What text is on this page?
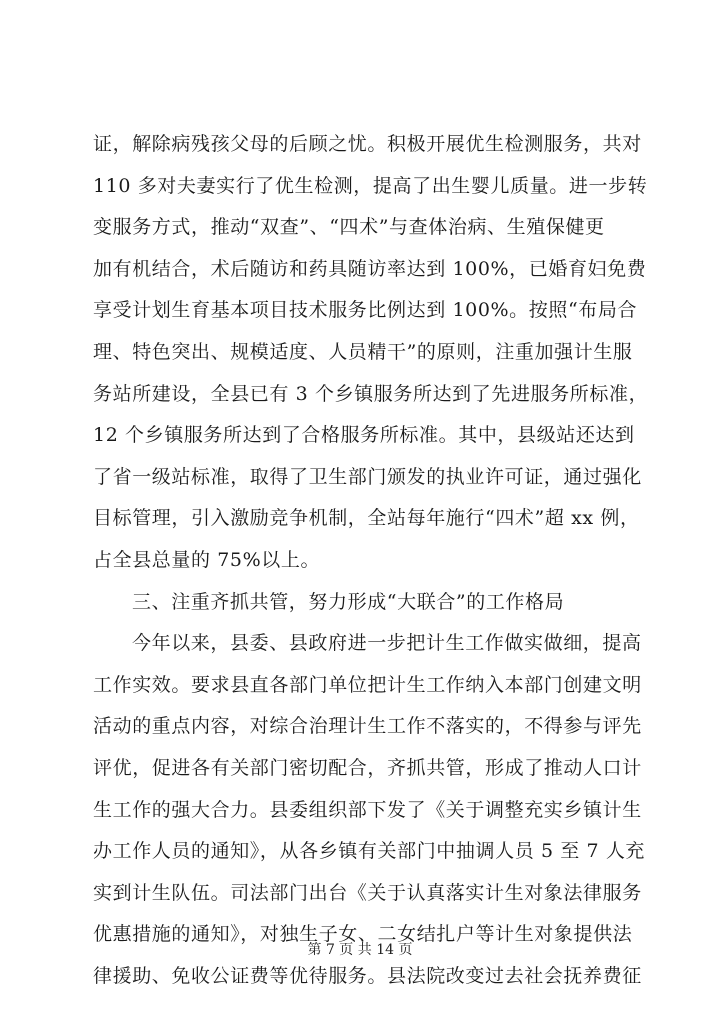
证，解除病残孩父母的后顾之忧。积极开展优生检测服务，共对
110 多对夫妻实行了优生检测，提高了出生婴儿质量。进一步转
变服务方式，推动“双查”、“四术”与查体治病、生殖保健更
加有机结合，术后随访和药具随访率达到 100%，已婚育妇免费
享受计划生育基本项目技术服务比例达到 100%。按照“布局合
理、特色突出、规模适度、人员精干”的原则，注重加强计生服
务站所建设，全县已有 3 个乡镇服务所达到了先进服务所标准，
12 个乡镇服务所达到了合格服务所标准。其中，县级站还达到
了省一级站标准，取得了卫生部门颁发的执业许可证，通过强化
目标管理，引入激励竞争机制，全站每年施行“四术”超 xx 例，
占全县总量的 75%以上。
三、注重齐抓共管，努力形成“大联合”的工作格局
今年以来，县委、县政府进一步把计生工作做实做细，提高
工作实效。要求县直各部门单位把计生工作纳入本部门创建文明
活动的重点内容，对综合治理计生工作不落实的，不得参与评先
评优，促进各有关部门密切配合，齐抓共管，形成了推动人口计
生工作的强大合力。县委组织部下发了《关于调整充实乡镇计生
办工作人员的通知》，从各乡镇有关部门中抽调人员 5 至 7 人充
实到计生队伍。司法部门出台《关于认真落实计生对象法律服务
优惠措施的通知》，对独生子女、二女结扎户等计生对象提供法
律援助、免收公证费等优待服务。县法院改变过去社会抚养费征
第 7 页 共 14 页
